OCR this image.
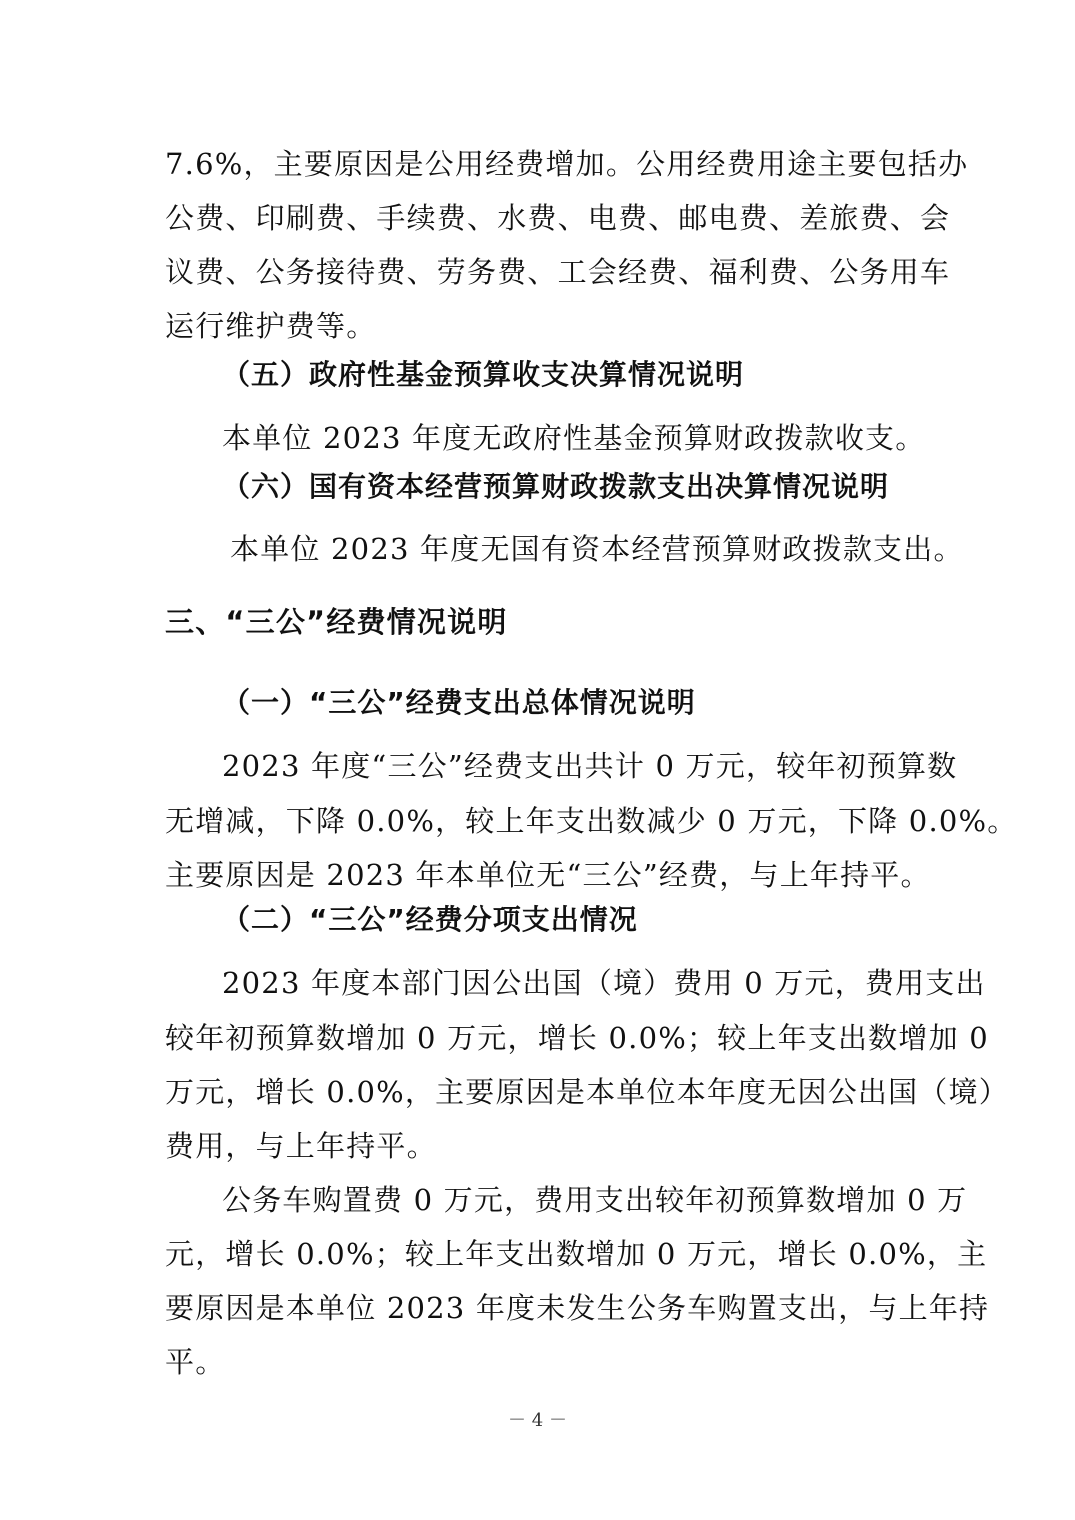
7.6%，主要原因是公用经费增加。公用经费用途主要包括办
公费、印刷费、手续费、水费、电费、邮电费、差旅费、会
议费、公务接待费、劳务费、工会经费、福利费、公务用车
运行维护费等。
（五）政府性基金预算收支决算情况说明
本单位 2023 年度无政府性基金预算财政拨款收支。
（六）国有资本经营预算财政拨款支出决算情况说明
本单位 2023 年度无国有资本经营预算财政拨款支出。
三、“三公”经费情况说明
（一）“三公”经费支出总体情况说明
2023 年度“三公”经费支出共计 0 万元，较年初预算数
无增减，下降 0.0%，较上年支出数减少 0 万元，下降 0.0%。
主要原因是 2023 年本单位无“三公”经费，与上年持平。
（二）“三公”经费分项支出情况
2023 年度本部门因公出国（境）费用 0 万元，费用支出
较年初预算数增加 0 万元，增长 0.0%；较上年支出数增加 0
万元，增长 0.0%，主要原因是本单位本年度无因公出国（境）
费用，与上年持平。
公务车购置费 0 万元，费用支出较年初预算数增加 0 万
元，增长 0.0%；较上年支出数增加 0 万元，增长 0.0%，主
要原因是本单位 2023 年度未发生公务车购置支出，与上年持
平。
－ 4 －
